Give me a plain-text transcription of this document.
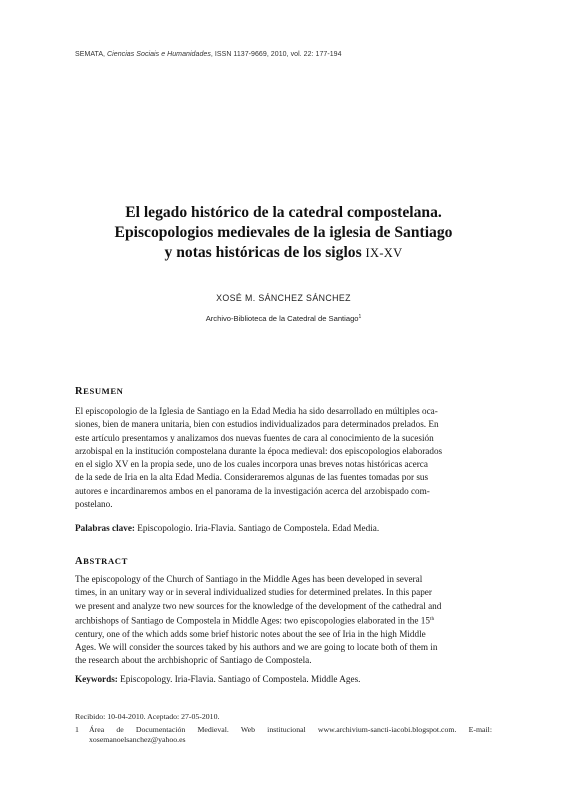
SEMATA, Ciencias Sociais e Humanidades, ISSN 1137-9669, 2010, vol. 22: 177-194
El legado histórico de la catedral compostelana.
Episcopologios medievales de la iglesia de Santiago
y notas históricas de los siglos IX-XV
XOSÉ M. SÁNCHEZ SÁNCHEZ
Archivo-Biblioteca de la Catedral de Santiago$^1$
RESUMEN
El episcopologio de la Iglesia de Santiago en la Edad Media ha sido desarrollado en múltiples oca-
siones, bien de manera unitaria, bien con estudios individualizados para determinados prelados. En
este artículo presentamos y analizamos dos nuevas fuentes de cara al conocimiento de la sucesión
arzobispal en la institución compostelana durante la época medieval: dos episcopologios elaborados
en el siglo XV en la propia sede, uno de los cuales incorpora unas breves notas históricas acerca
de la sede de Iria en la alta Edad Media. Consideraremos algunas de las fuentes tomadas por sus
autores e incardinaremos ambos en el panorama de la investigación acerca del arzobispado com-
postelano.
Palabras clave: Episcopologio. Iria-Flavia. Santiago de Compostela. Edad Media.
ABSTRACT
The episcopology of the Church of Santiago in the Middle Ages has been developed in several
times, in an unitary way or in several individualized studies for determined prelates. In this paper
we present and analyze two new sources for the knowledge of the development of the cathedral and
archbishops of Santiago de Compostela in Middle Ages: two episcopologies elaborated in the 15th
century, one of the which adds some brief historic notes about the see of Iria in the high Middle
Ages. We will consider the sources taked by his authors and we are going to locate both of them in
the research about the archbishopric of Santiago de Compostela.
Keywords: Episcopology. Iria-Flavia. Santiago of Compostela. Middle Ages.
Recibido: 10-04-2010. Aceptado: 27-05-2010.
1	Área de Documentación Medieval. Web institucional www.archivium-sancti-iacobi.blogspot.com. E-mail: xosemanoelsanchez@yahoo.es
